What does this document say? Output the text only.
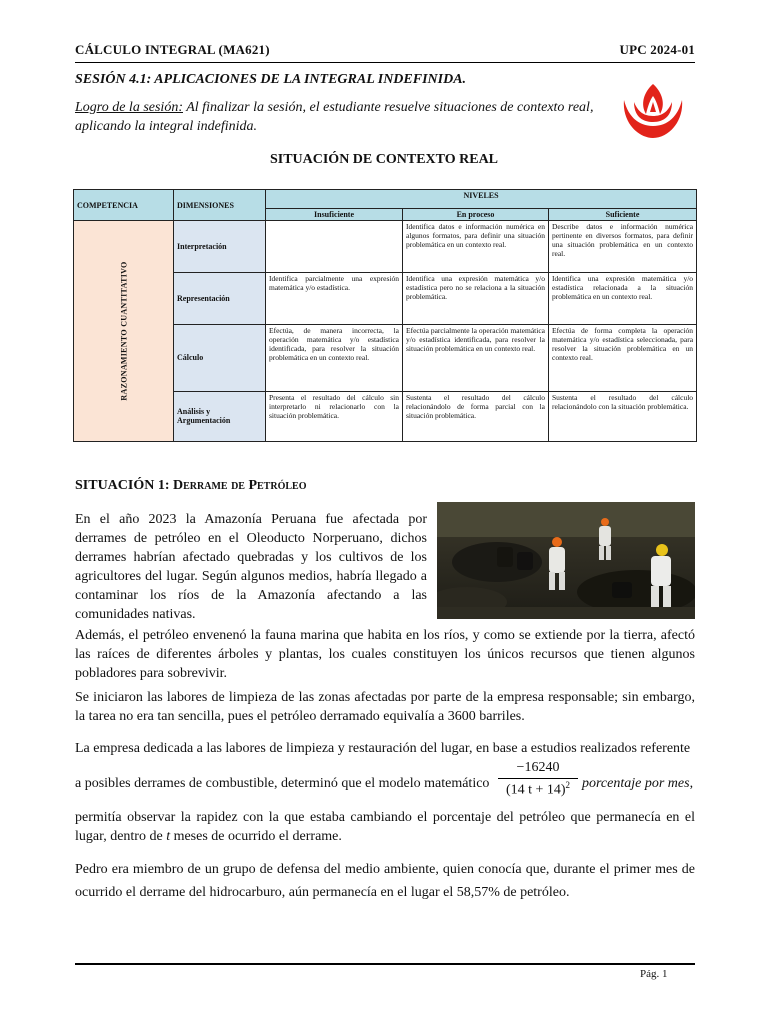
CÁLCULO INTEGRAL (MA621)	UPC 2024-01
SESIÓN 4.1: APLICACIONES DE LA INTEGRAL INDEFINIDA.
Logro de la sesión: Al finalizar la sesión, el estudiante resuelve situaciones de contexto real, aplicando la integral indefinida.
SITUACIÓN DE CONTEXTO REAL
COMPETENCIA	DIMENSIONES	NIVELES		
		Insuficiente	En proceso	Suficiente

RAZONAMIENTO CUANTITATIVO	Interpretación		Identifica datos e información numérica en algunos formatos, para definir una situación problemática en un contexto real.	Describe datos e información numérica pertinente en diversos formatos, para definir una situación problemática en un contexto real.
	Representación	Identifica parcialmente una expresión matemática y/o estadística.	Identifica una expresión matemática y/o estadística pero no se relaciona a la situación problemática.	Identifica una expresión matemática y/o estadística relacionada a la situación problemática en un contexto real.
	Cálculo	Efectúa, de manera incorrecta, la operación matemática y/o estadística identificada, para resolver la situación problemática en un contexto real.	Efectúa parcialmente la operación matemática y/o estadística identificada, para resolver la situación problemática en un contexto real.	Efectúa de forma completa la operación matemática y/o estadística seleccionada, para resolver la situación problemática en un contexto real.
	Análisis y Argumentación	Presenta el resultado del cálculo sin interpretarlo ni relacionarlo con la situación problemática.	Sustenta el resultado del cálculo relacionándolo de forma parcial con la situación problemática.	Sustenta el resultado del cálculo relacionándolo con la situación problemática.
SITUACIÓN 1: Derrame de Petróleo
En el año 2023 la Amazonía Peruana fue afectada por derrames de petróleo en el Oleoducto Norperuano, dichos derrames habrían afectado quebradas y los cultivos de los agricultores del lugar. Según algunos medios, habría llegado a contaminar los ríos de la Amazonía afectando a las comunidades nativas.
Además, el petróleo envenenó la fauna marina que habita en los ríos, y como se extiende por la tierra, afectó las raíces de diferentes árboles y plantas, los cuales constituyen los únicos recursos que tienen algunos pobladores para sobrevivir.
Se iniciaron las labores de limpieza de las zonas afectadas por parte de la empresa responsable; sin embargo, la tarea no era tan sencilla, pues el petróleo derramado equivalía a 3600 barriles.
La empresa dedicada a las labores de limpieza y restauración del lugar, en base a estudios realizados referente
a posibles derrames de combustible, determinó que el modelo matemático
−16240
(14 t + 14)$^2$ porcentaje por mes,
permitía observar la rapidez con la que estaba cambiando el porcentaje del petróleo que permanecía en el lugar, dentro de t meses de ocurrido el derrame.
Pedro era miembro de un grupo de defensa del medio ambiente, quien conocía que, durante el primer mes de ocurrido el derrame del hidrocarburo, aún permanecía en el lugar el 58,57% de petróleo.
Pág. 1
